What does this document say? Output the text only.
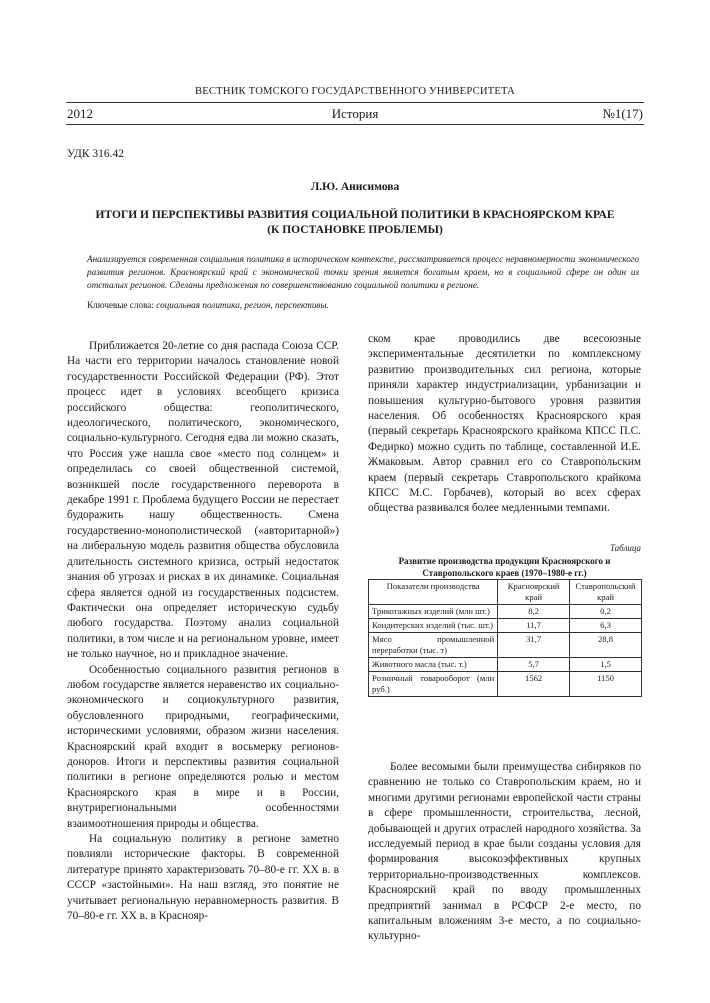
ВЕСТНИК ТОМСКОГО ГОСУДАРСТВЕННОГО УНИВЕРСИТЕТА
2012	История	№1(17)
УДК 316.42
Л.Ю. Анисимова
ИТОГИ И ПЕРСПЕКТИВЫ РАЗВИТИЯ СОЦИАЛЬНОЙ ПОЛИТИКИ В КРАСНОЯРСКОМ КРАЕ
(К ПОСТАНОВКЕ ПРОБЛЕМЫ)

Анализируется современная социальная политика в историческом контексте, рассматривается процесс неравномерности экономического развития регионов. Красноярский край с экономической точки зрения является богатым краем, но в социальной сфере он один из отсталых регионов. Сделаны предложения по совершенствованию социальной политики в регионе.

Ключевые слова: социальная политика, регион, перспективы.

Приближается 20-летие со дня распада Союза ССР. На части его территории началось становление новой государственности Российской Федерации (РФ). Этот процесс идет в условиях всеобщего кризиса российского общества: геополитического, идеологического, политического, экономического, социально-культурного. Сегодня едва ли можно сказать, что Россия уже нашла свое «место под солнцем» и определилась со своей общественной системой, возникшей после государственного переворота в декабре 1991 г. Проблема будущего России не перестает будоражить нашу общественность. Смена государственно-монополистической («авторитарной») на либеральную модель развития общества обусловила длительность системного кризиса, острый недостаток знания об угрозах и рисках в их динамике. Социальная сфера является одной из государственных подсистем. Фактически она определяет историческую судьбу любого государства. Поэтому анализ социальной политики, в том числе и на региональном уровне, имеет не только научное, но и прикладное значение.

Особенностью социального развития регионов в любом государстве является неравенство их социально-экономического и социокультурного развития, обусловленного природными, географическими, историческими условиями, образом жизни населения. Красноярский край входит в восьмерку регионов-доноров. Итоги и перспективы развития социальной политики в регионе определяются ролью и местом Красноярского края в мире и в России, внутрирегиональными особенностями взаимоотношения природы и общества.

На социальную политику в регионе заметно повлияли исторические факторы. В современной литературе принято характеризовать 70–80-е гг. XX в. в СССР «застойными». На наш взгляд, это понятие не учитывает региональную неравномерность развития. В 70–80-е гг. XX в. в Краснояр-

ском крае проводились две всесоюзные экспериментальные десятилетки по комплексному развитию производительных сил региона, которые приняли характер индустриализации, урбанизации и повышения культурно-бытового уровня развития населения. Об особенностях Красноярского края (первый секретарь Красноярского крайкома КПСС П.С. Федирко) можно судить по таблице, составленной И.Е. Жмаковым. Автор сравнил его со Ставропольским краем (первый секретарь Ставропольского крайкома КПСС М.С. Горбачев), который во всех сферах общества развивался более медленными темпами.

Таблица
Развитие производства продукции Красноярского и Ставропольского краев (1970–1980-е гг.)
Показатели производства	Красноярский край	Ставропольский край
Трикотажных изделий (млн шт.)	8,2	0,2
Кондитерских изделий (тыс. шт.)	11,7	6,3
Мясо промышленной переработки (тыс. т)	31,7	28,8
Животного масла (тыс. т.)	5,7	1,5
Розничный товарооборот (млн руб.)	1562	1150

Более весомыми были преимущества сибиряков по сравнению не только со Ставропольским краем, но и многими другими регионами европейской части страны в сфере промышленности, строительства, лесной, добывающей и других отраслей народного хозяйства. За исследуемый период в крае были созданы условия для формирования высокоэффективных крупных территориально-производственных комплексов. Красноярский край по вводу промышленных предприятий занимал в РСФСР 2-е место, по капитальным вложениям 3-е место, а по социально-культурно-
